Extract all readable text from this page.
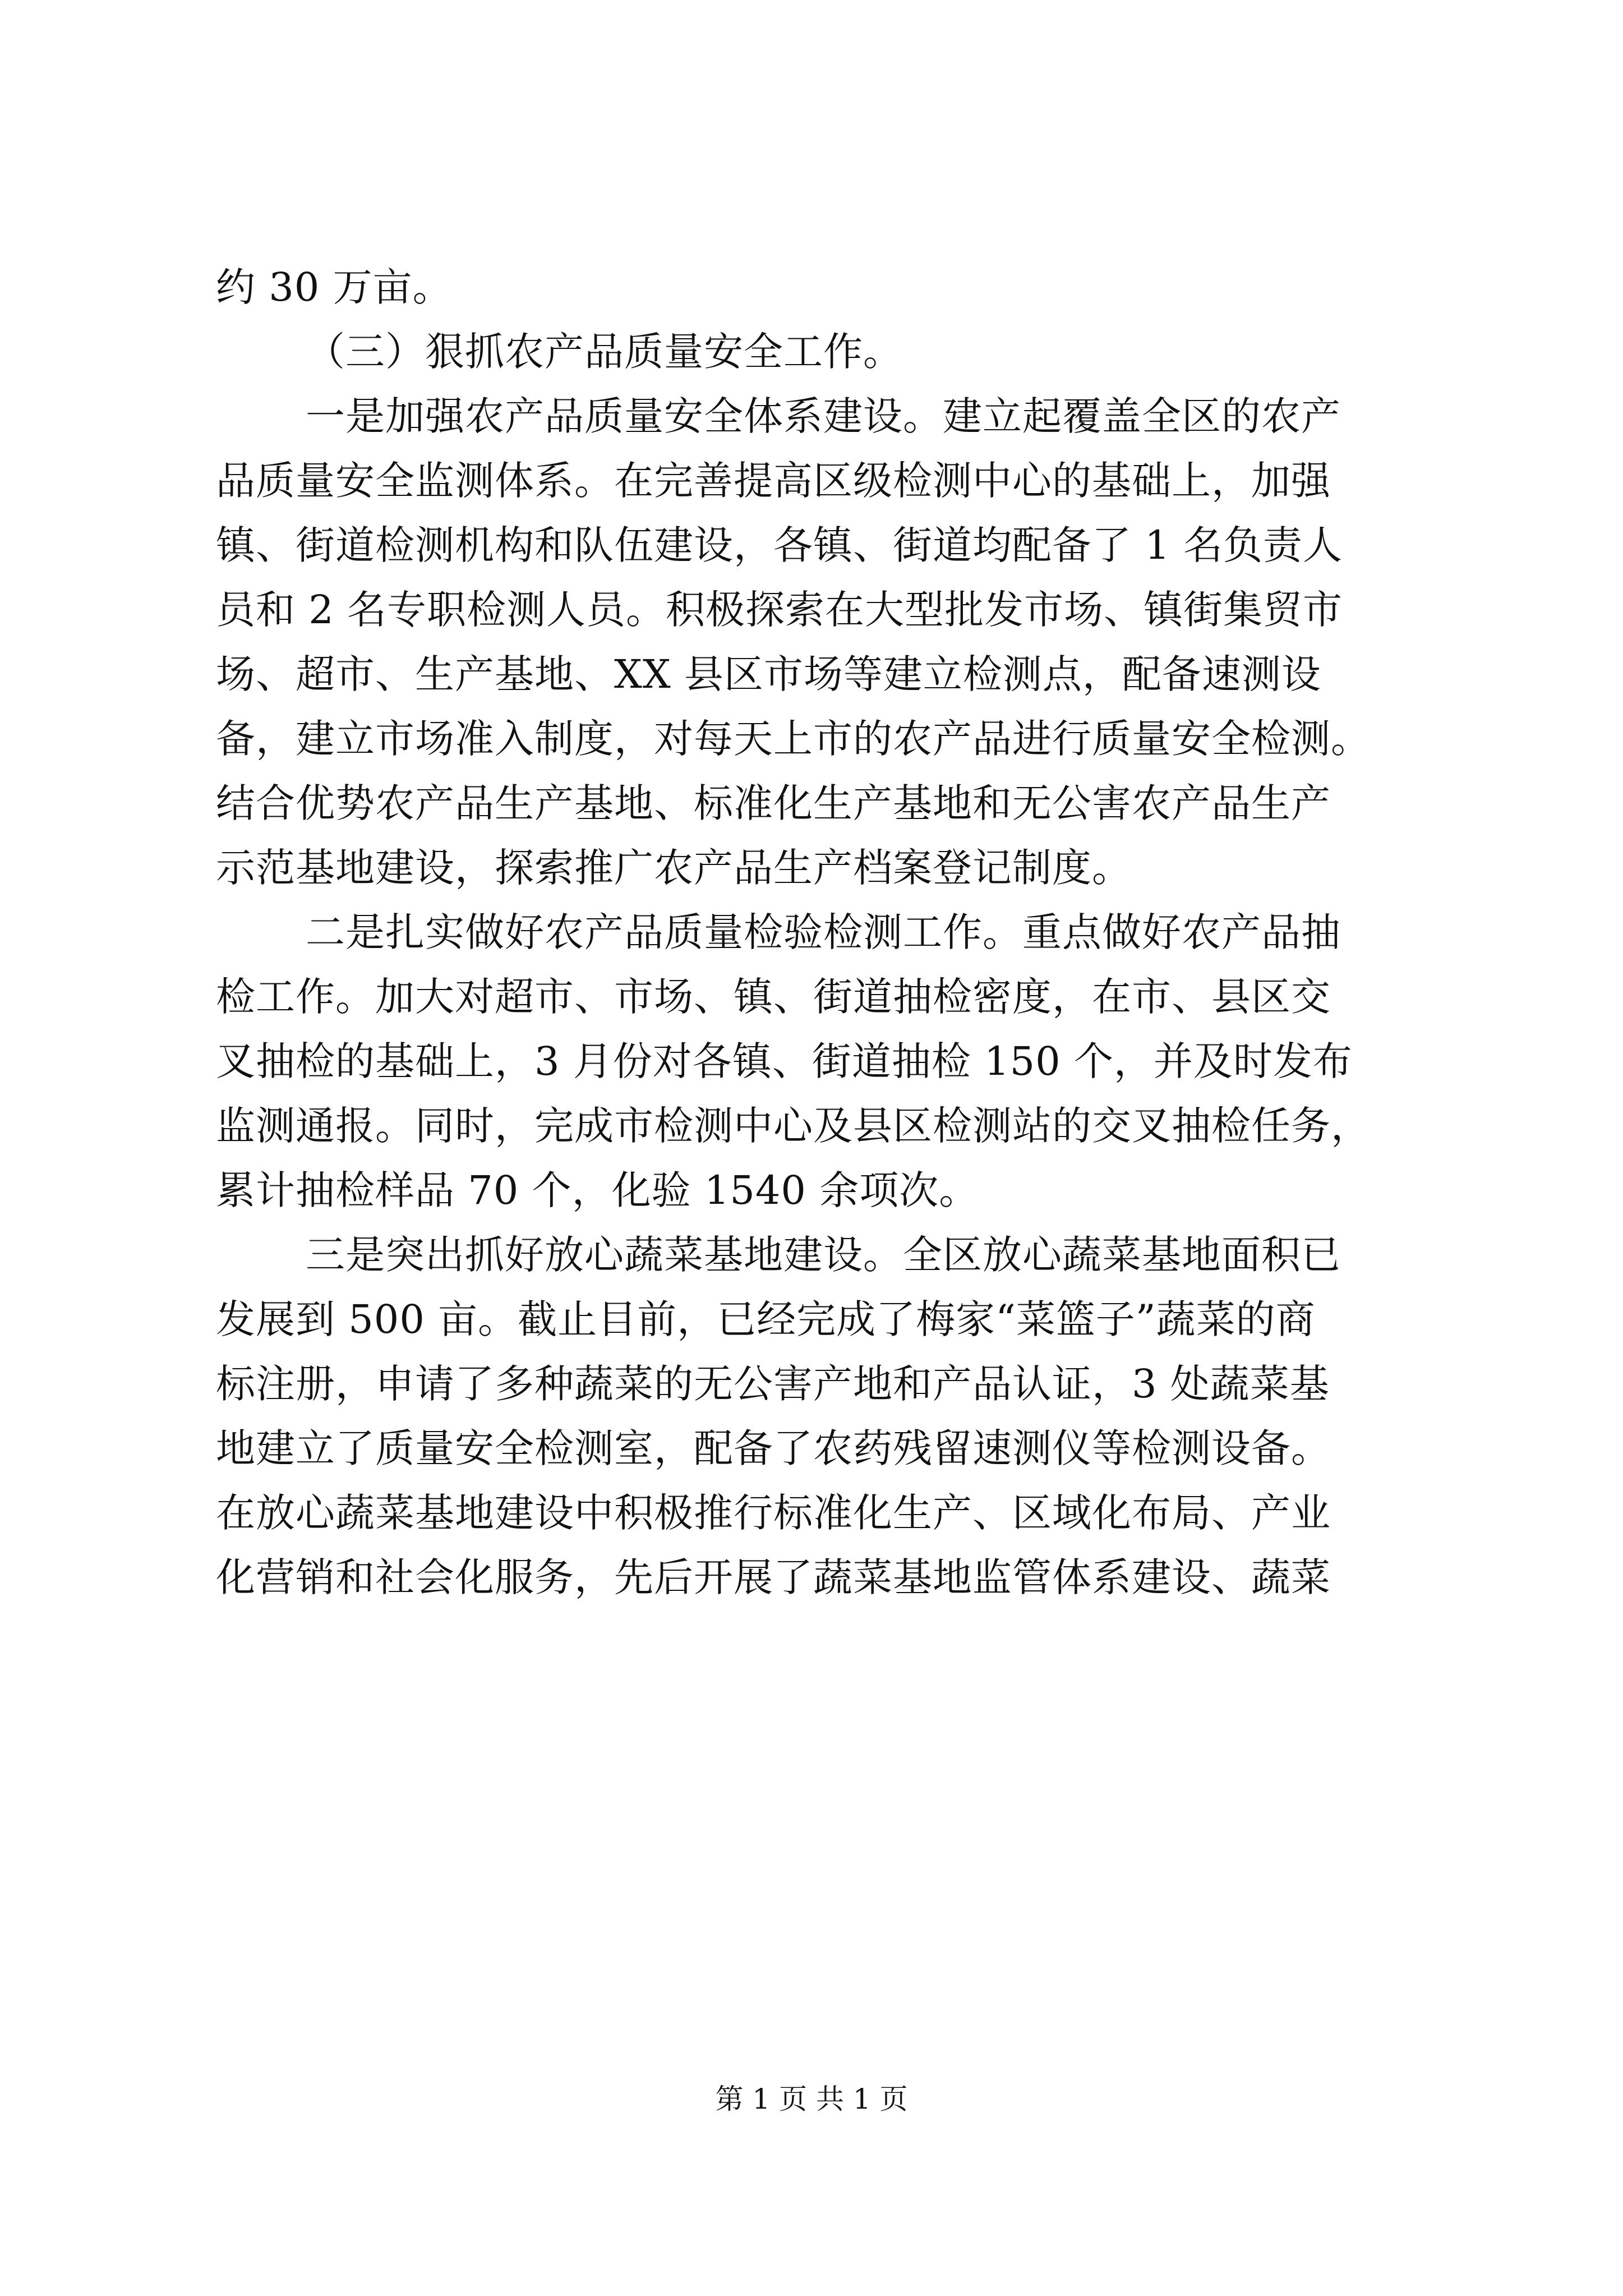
约 30 万亩。
（三）狠抓农产品质量安全工作。
一是加强农产品质量安全体系建设。建立起覆盖全区的农产
品质量安全监测体系。在完善提高区级检测中心的基础上，加强
镇、街道检测机构和队伍建设，各镇、街道均配备了 1 名负责人
员和 2 名专职检测人员。积极探索在大型批发市场、镇街集贸市
场、超市、生产基地、XX 县区市场等建立检测点，配备速测设
备，建立市场准入制度，对每天上市的农产品进行质量安全检测。
结合优势农产品生产基地、标准化生产基地和无公害农产品生产
示范基地建设，探索推广农产品生产档案登记制度。
二是扎实做好农产品质量检验检测工作。重点做好农产品抽
检工作。加大对超市、市场、镇、街道抽检密度，在市、县区交
叉抽检的基础上，3 月份对各镇、街道抽检 150 个，并及时发布
监测通报。同时，完成市检测中心及县区检测站的交叉抽检任务，
累计抽检样品 70 个，化验 1540 余项次。
三是突出抓好放心蔬菜基地建设。全区放心蔬菜基地面积已
发展到 500 亩。截止目前，已经完成了梅家“菜篮子”蔬菜的商
标注册，申请了多种蔬菜的无公害产地和产品认证，3 处蔬菜基
地建立了质量安全检测室，配备了农药残留速测仪等检测设备。
在放心蔬菜基地建设中积极推行标准化生产、区域化布局、产业
化营销和社会化服务，先后开展了蔬菜基地监管体系建设、蔬菜
第 1 页 共 1 页
